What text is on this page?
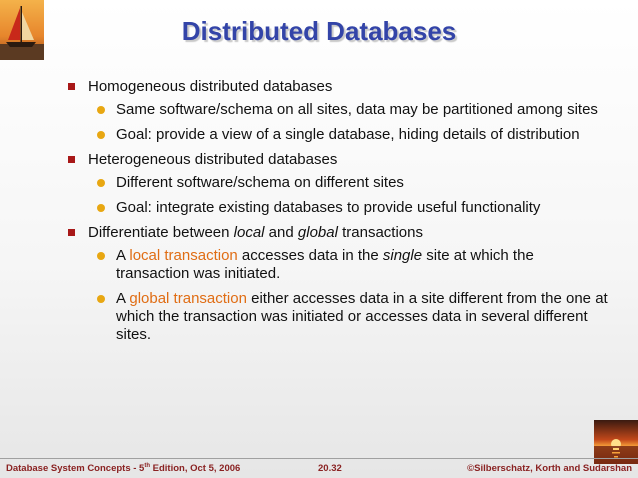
Distributed Databases
Homogeneous distributed databases
Same software/schema on all sites, data may be partitioned among sites
Goal: provide a view of a single database, hiding details of distribution
Heterogeneous distributed databases
Different software/schema on different sites
Goal: integrate existing databases to provide useful functionality
Differentiate between local and global transactions
A local transaction accesses data in the single site at which the transaction was initiated.
A global transaction either accesses data in a site different from the one at which the transaction was initiated or accesses data in several different sites.
Database System Concepts - 5th Edition, Oct 5, 2006	20.32	©Silberschatz, Korth and Sudarshan
